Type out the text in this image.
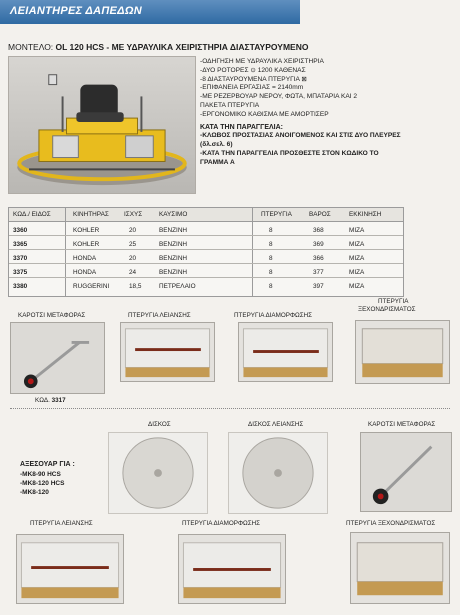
ΛΕΙΑΝΤΗΡΕΣ ΔΑΠΕΔΩΝ
ΜΟΝΤΕΛΟ: OL 120 HCS - ΜΕ ΥΔΡΑΥΛΙΚΑ ΧΕΙΡΙΣΤΗΡΙΑ ΔΙΑΣΤΑΥΡΟΥΜΕΝΟ
-ΟΔΗΓΗΣΗ ΜΕ ΥΔΡΑΥΛΙΚΑ ΧΕΙΡΙΣΤΗΡΙΑ
-ΔΥΟ ΡΟΤΟΡΕΣ ⊙ 1200 ΚΑΘΕΝΑΣ
-8 ΔΙΑΣΤΑΥΡΟΥΜΕΝΑ ΠΤΕΡΥΓΙΑ ⊠
-ΕΠΙΦΑΝΕΙΑ ΕΡΓΑΣΙΑΣ = 2140mm
-ΜΕ ΡΕΖΕΡΒΟΥΑΡ ΝΕΡΟΥ, ΦΩΤΑ, ΜΠΑΤΑΡΙΑ ΚΑΙ 2
ΠΑΚΕΤΑ ΠΤΕΡΥΓΙΑ
-ΕΡΓΟΝΟΜΙΚΟ ΚΑΘΙΣΜΑ ΜΕ ΑΜΟΡΤΙΣΕΡ
ΚΑΤΑ ΤΗΝ ΠΑΡΑΓΓΕΛΙΑ:
-ΚΛΩΒΟΣ ΠΡΟΣΤΑΣΙΑΣ ΑΝΟΙΓΟΜΕΝΟΣ ΚΑΙ ΣΤΙΣ ΔΥΟ ΠΛΕΥΡΕΣ
(δλ.σελ. 6)
-ΚΑΤΑ ΤΗΝ ΠΑΡΑΓΓΕΛΙΑ ΠΡΟΣΘΕΣΤΕ ΣΤΟΝ ΚΩΔΙΚΟ ΤΟ
ΓΡΑΜΜΑ Α
ΚΩΔ./ ΕΙΔΟΣ	ΚΙΝΗΤΗΡΑΣ ΙΣΧΥΣ	ΚΑΥΣΙΜΟ	ΠΤΕΡΥΓΙΑ	ΒΑΡΟΣ	ΕΚΚΙΝΗΣΗ
3360	KOHLER	20	ΒΕΝΖΙΝΗ	8	368	ΜΙΖΑ
3365	KOHLER	25	ΒΕΝΖΙΝΗ	8	369	ΜΙΖΑ
3370	HONDA	20	ΒΕΝΖΙΝΗ	8	366	ΜΙΖΑ
3375	HONDA	24	ΒΕΝΖΙΝΗ	8	377	ΜΙΖΑ
3380	RUGGERINI	18,5	ΠΕΤΡΕΛΑΙΟ	8	397	ΜΙΖΑ
ΚΑΡΟΤΣΙ ΜΕΤΑΦΟΡΑΣ
ΚΩΔ. 3317
ΠΤΕΡΥΓΙΑ ΛΕΙΑΝΣΗΣ	ΠΤΕΡΥΓΙΑ ΔΙΑΜΟΡΦΩΣΗΣ
ΠΤΕΡΥΓΙΑ
ΞΕΧΟΝΔΡΙΣΜΑΤΟΣ
ΑΞΕΣΟΥΑΡ ΓΙΑ :
-ΜΚ8-90 HCS
-ΜΚ8-120 HCS
-ΜΚ8-120
ΔΙΣΚΟΣ	ΔΙΣΚΟΣ ΛΕΙΑΝΣΗΣ	ΚΑΡΟΤΣΙ ΜΕΤΑΦΟΡΑΣ
ΠΤΕΡΥΓΙΑ ΛΕΙΑΝΣΗΣ	ΠΤΕΡΥΓΙΑ ΔΙΑΜΟΡΦΩΣΗΣ	ΠΤΕΡΥΓΙΑ ΞΕΧΟΝΔΡΙΣΜΑΤΟΣ
